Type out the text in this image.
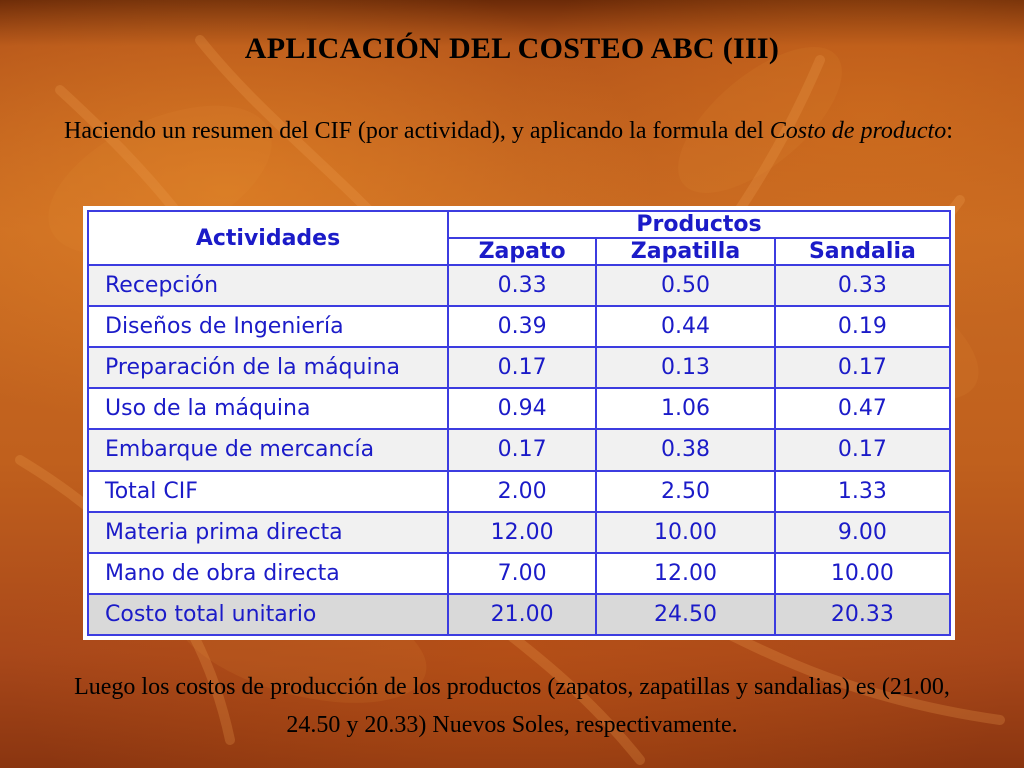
APLICACIÓN DEL COSTEO ABC (III)
Haciendo un resumen del CIF (por actividad), y aplicando la formula del Costo de producto:
Actividades	Productos		
	Zapato	Zapatilla	Sandalia
Recepción	0.33	0.50	0.33
Diseños de Ingeniería	0.39	0.44	0.19
Preparación de la máquina	0.17	0.13	0.17
Uso de la máquina	0.94	1.06	0.47
Embarque de mercancía	0.17	0.38	0.17
Total CIF	2.00	2.50	1.33
Materia prima directa	12.00	10.00	9.00
Mano de obra directa	7.00	12.00	10.00
Costo total unitario	21.00	24.50	20.33
Luego los costos de producción de los productos (zapatos, zapatillas y sandalias) es (21.00, 24.50 y 20.33) Nuevos Soles, respectivamente.
